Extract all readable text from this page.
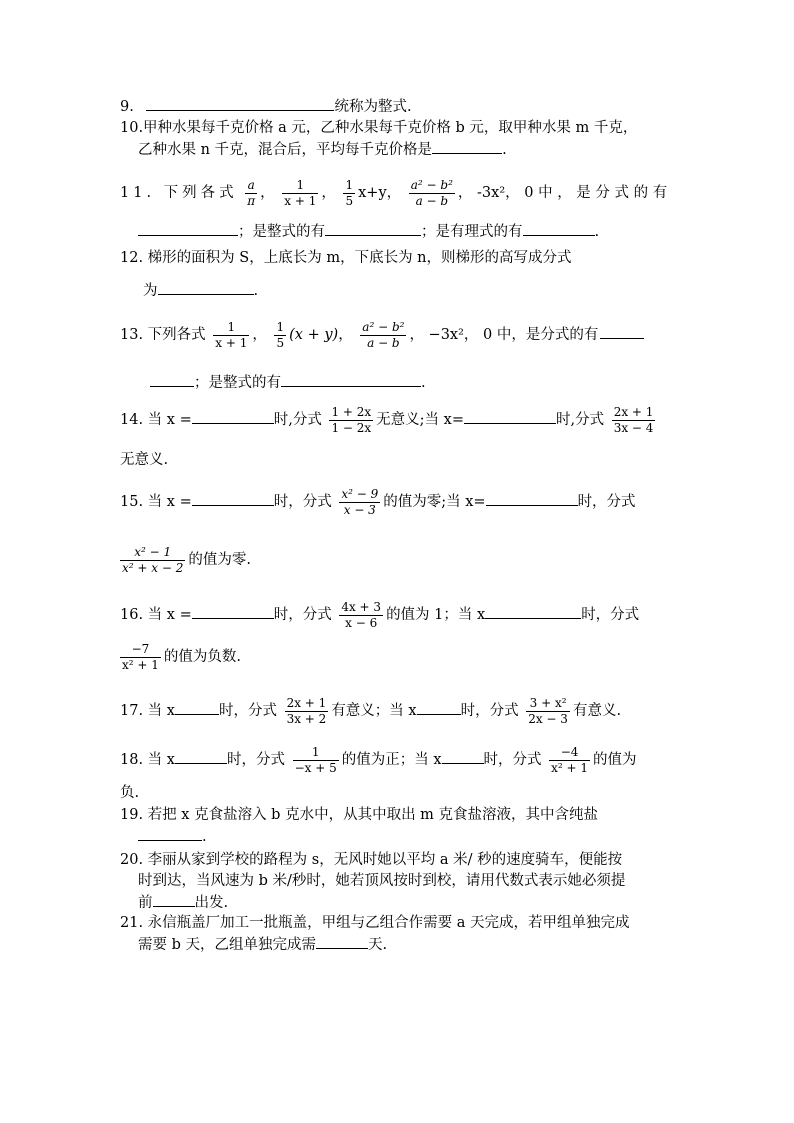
9.	统称为整式.
10.甲种水果每千克价格 a 元，乙种水果每千克价格 b 元，取甲种水果 m 千克，
乙种水果 n 千克，混合后，平均每千克价格是	.
11. 下列各式 $\frac{a}{\pi}$ ， $\frac{1}{x + 1}$ ， $\frac{1}{5} x+y$， $\frac{\text{a² − b²}}{a - b}$ ， -3x²， 0 中 ， 是 分 式 的 有
；是整式的有	；是有理式的有	.
12. 梯形的面积为 S，上底长为 m，下底长为 n，则梯形的高写成分式
为	.
13. 下列各式 $\frac{1}{x + 1}$ ， $\frac{1}{5} (x + y)$， $\frac{\text{a² − b²}}{a - b}$ ， −3x²， 0 中，是分式的有
；是整式的有	.
14. 当 x =	时,分式 $\frac{1 + 2x}{1 - 2x}$ 无意义;当 x=	时,分式 $\frac{2x + 1}{3x - 4}$
无意义.
15. 当 x =	时，分式 $\frac{\text{x² − 9}}{x - 3}$ 的值为零;当 x=	时，分式
$\frac{\text{x² − 1}}{\text{x² + x − 2}}$ 的值为零.
16. 当 x =	时，分式 $\frac{4x + 3}{x - 6}$ 的值为 1；当 x	时，分式
$\frac{-7}{\text{x² + 1}}$ 的值为负数.
17. 当 x	时，分式 $\frac{2x + 1}{3x + 2}$ 有意义；当 x	时，分式 $\frac{\text{3 + x²}}{2x - 3}$ 有意义.
18. 当 x	时，分式 $\frac{1}{-x + 5}$ 的值为正；当 x	时，分式 $\frac{-4}{\text{x² + 1}}$ 的值为
负.
19. 若把 x 克食盐溶入 b 克水中，从其中取出 m 克食盐溶液，其中含纯盐
.
20. 李丽从家到学校的路程为 s，无风时她以平均 a 米/ 秒的速度骑车，便能按
时到达，当风速为 b 米/秒时，她若顶风按时到校，请用代数式表示她必须提
前	出发.
21. 永信瓶盖厂加工一批瓶盖，甲组与乙组合作需要 a 天完成，若甲组单独完成
需要 b 天，乙组单独完成需	天.
